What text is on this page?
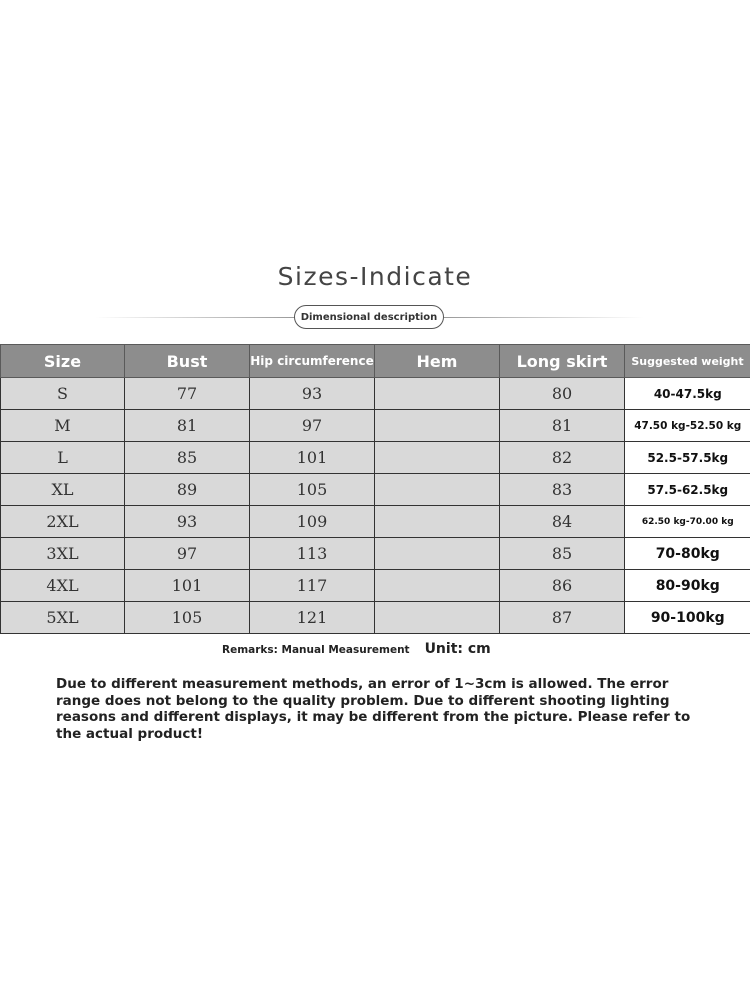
Sizes-Indicate
Dimensional description
Size	Bust	Hip circumference	Hem	Long skirt	Suggested weight
S	77	93		80	40-47.5kg
M	81	97		81	47.50 kg-52.50 kg
L	85	101		82	52.5-57.5kg
XL	89	105		83	57.5-62.5kg
2XL	93	109		84	62.50 kg-70.00 kg
3XL	97	113		85	70-80kg
4XL	101	117		86	80-90kg
5XL	105	121		87	90-100kg
Remarks: Manual Measurement Unit: cm
Due to different measurement methods, an error of 1~3cm is allowed. The error range does not belong to the quality problem. Due to different shooting lighting reasons and different displays, it may be different from the picture. Please refer to the actual product!
